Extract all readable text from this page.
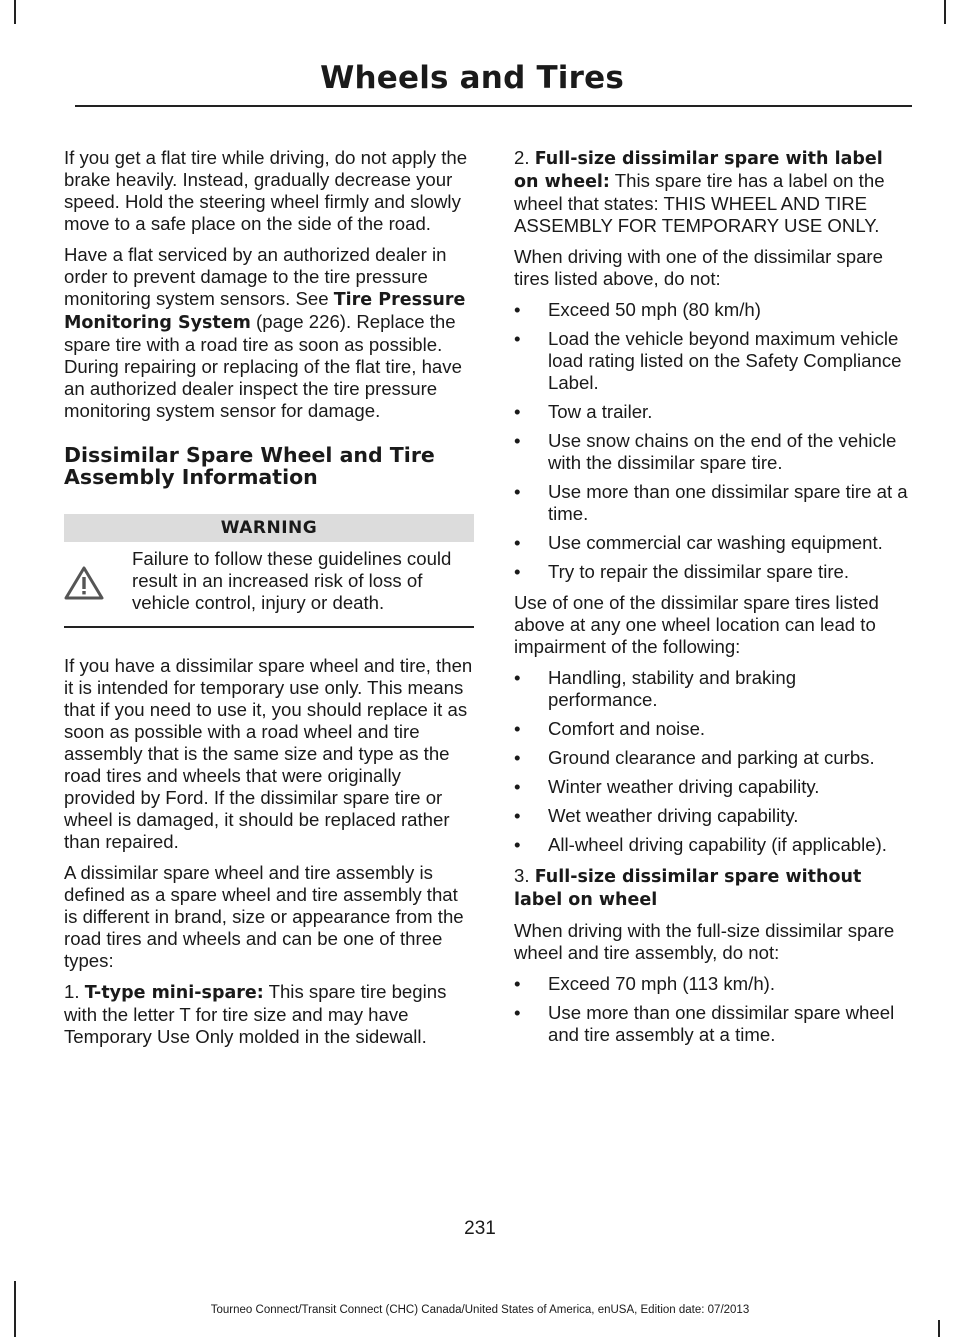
Wheels and Tires

If you get a flat tire while driving, do not apply the brake heavily. Instead, gradually decrease your speed. Hold the steering wheel firmly and slowly move to a safe place on the side of the road.

Have a flat serviced by an authorized dealer in order to prevent damage to the tire pressure monitoring system sensors. See Tire Pressure Monitoring System (page 226). Replace the spare tire with a road tire as soon as possible. During repairing or replacing of the flat tire, have an authorized dealer inspect the tire pressure monitoring system sensor for damage.

Dissimilar Spare Wheel and Tire Assembly Information
WARNING
Failure to follow these guidelines could result in an increased risk of loss of vehicle control, injury or death.

If you have a dissimilar spare wheel and tire, then it is intended for temporary use only. This means that if you need to use it, you should replace it as soon as possible with a road wheel and tire assembly that is the same size and type as the road tires and wheels that were originally provided by Ford. If the dissimilar spare tire or wheel is damaged, it should be replaced rather than repaired.

A dissimilar spare wheel and tire assembly is defined as a spare wheel and tire assembly that is different in brand, size or appearance from the road tires and wheels and can be one of three types:

1. T-type mini-spare: This spare tire begins with the letter T for tire size and may have Temporary Use Only molded in the sidewall.

2. Full-size dissimilar spare with label on wheel: This spare tire has a label on the wheel that states: THIS WHEEL AND TIRE ASSEMBLY FOR TEMPORARY USE ONLY.

When driving with one of the dissimilar spare tires listed above, do not:

• Exceed 50 mph (80 km/h)
• Load the vehicle beyond maximum vehicle load rating listed on the Safety Compliance Label.
• Tow a trailer.
• Use snow chains on the end of the vehicle with the dissimilar spare tire.
• Use more than one dissimilar spare tire at a time.
• Use commercial car washing equipment.
• Try to repair the dissimilar spare tire.

Use of one of the dissimilar spare tires listed above at any one wheel location can lead to impairment of the following:

• Handling, stability and braking performance.
• Comfort and noise.
• Ground clearance and parking at curbs.
• Winter weather driving capability.
• Wet weather driving capability.
• All-wheel driving capability (if applicable).

3. Full-size dissimilar spare without label on wheel

When driving with the full-size dissimilar spare wheel and tire assembly, do not:

• Exceed 70 mph (113 km/h).
• Use more than one dissimilar spare wheel and tire assembly at a time.
231
Tourneo Connect/Transit Connect (CHC) Canada/United States of America, enUSA, Edition date: 07/2013
